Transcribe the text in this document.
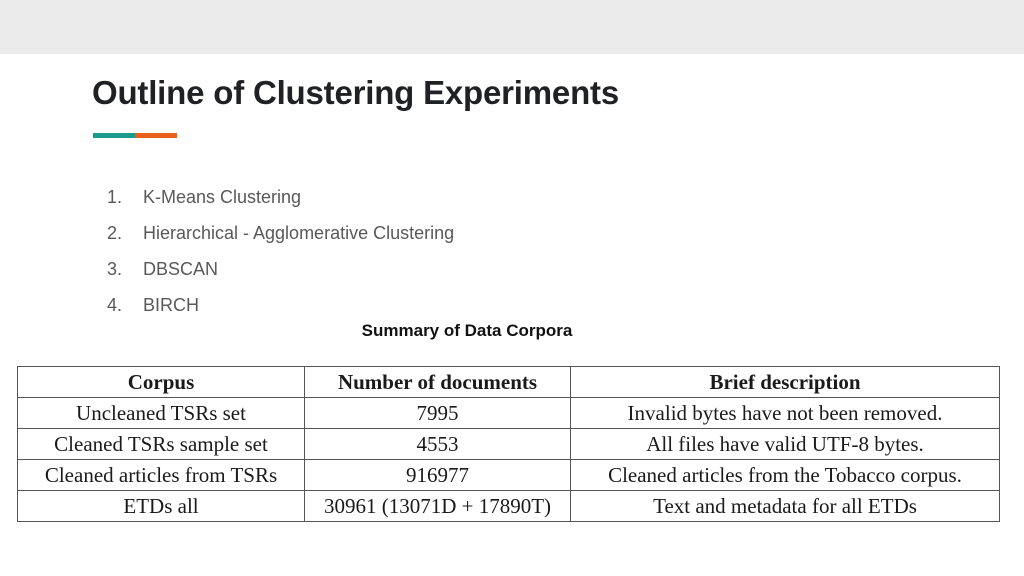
Outline of Clustering Experiments
1. K-Means Clustering
2. Hierarchical - Agglomerative Clustering
3. DBSCAN
4. BIRCH
Summary of Data Corpora
Corpus	Number of documents	Brief description
Uncleaned TSRs set	7995	Invalid bytes have not been removed.
Cleaned TSRs sample set	4553	All files have valid UTF-8 bytes.
Cleaned articles from TSRs	916977	Cleaned articles from the Tobacco corpus.
ETDs all	30961 (13071D + 17890T)	Text and metadata for all ETDs
